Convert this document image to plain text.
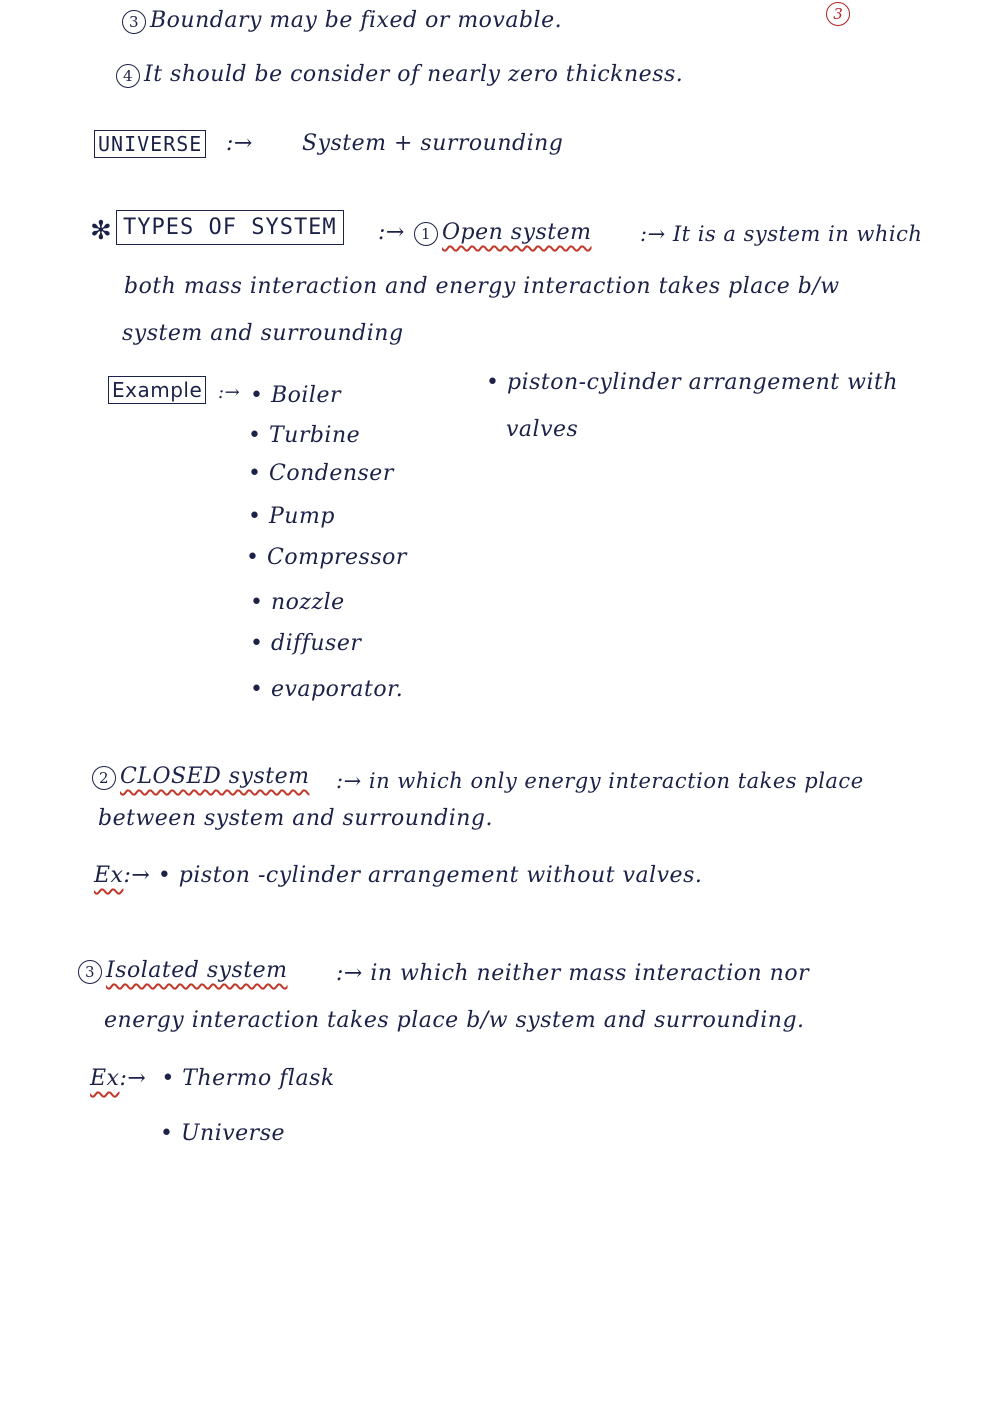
3
3 Boundary may be fixed or movable.
4 It should be consider of nearly zero thickness.
UNIVERSE :→ System + surrounding
✻ TYPES OF SYSTEM	:→	1 Open system :→ It is a system in which
both mass interaction and energy interaction takes place b/w
system and surrounding
Example :→ • Boiler
• Turbine
• Condenser
• Pump
• Compressor
• nozzle
• diffuser
• evaporator.
• piston-cylinder arrangement with
valves
2 CLOSED system :→ in which only energy interaction takes place
between system and surrounding.
Ex:→ • piston -cylinder arrangement without valves.
3 Isolated system :→ in which neither mass interaction nor
energy interaction takes place b/w system and surrounding.
Ex:→  • Thermo flask
• Universe
